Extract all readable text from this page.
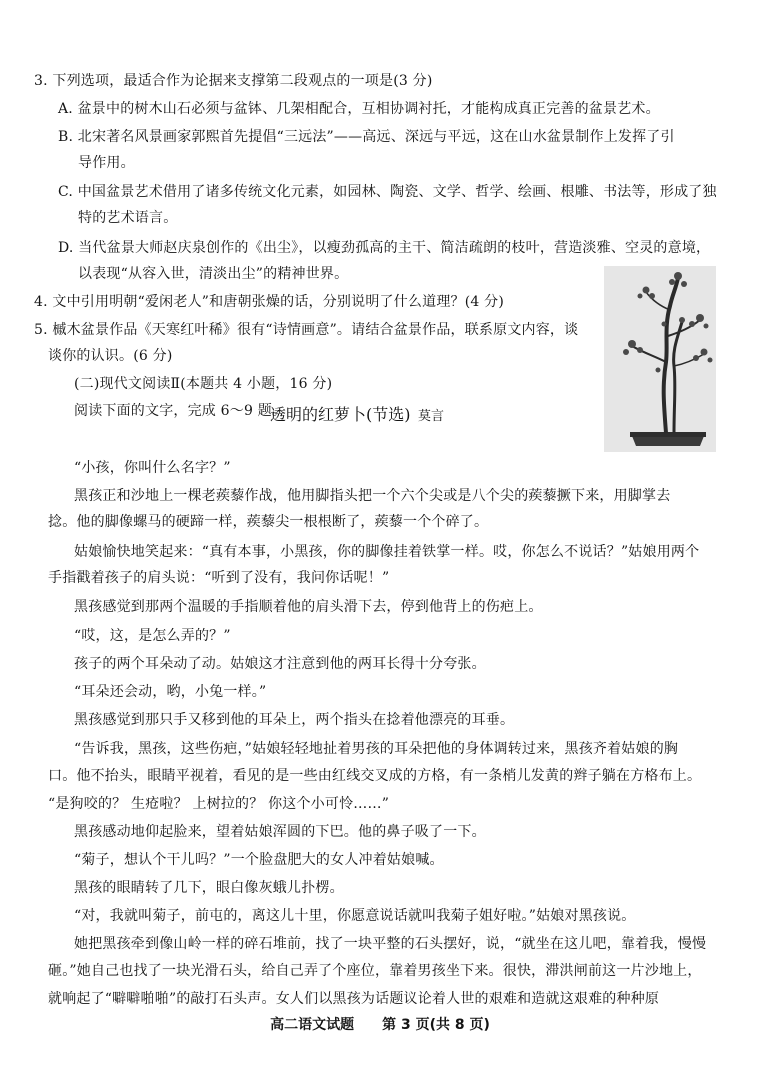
3. 下列选项，最适合作为论据来支撑第二段观点的一项是(3 分)
A. 盆景中的树木山石必须与盆钵、几架相配合，互相协调衬托，才能构成真正完善的盆景艺术。
B. 北宋著名风景画家郭熙首先提倡“三远法”——高远、深远与平远，这在山水盆景制作上发挥了引
导作用。
C. 中国盆景艺术借用了诸多传统文化元素，如园林、陶瓷、文学、哲学、绘画、根雕、书法等，形成了独
特的艺术语言。
D. 当代盆景大师赵庆泉创作的《出尘》，以瘦劲孤高的主干、简洁疏朗的枝叶，营造淡雅、空灵的意境，
以表现“从容入世，清淡出尘”的精神世界。
4. 文中引用明朝“爱闲老人”和唐朝张燥的话，分别说明了什么道理？(4 分)
5. 槭木盆景作品《天寒红叶稀》很有“诗情画意”。请结合盆景作品，联系原文内容，谈
谈你的认识。(6 分)
(二)现代文阅读Ⅱ(本题共 4 小题，16 分)
阅读下面的文字，完成 6～9 题。
透明的红萝卜(节选) 莫言
“小孩，你叫什么名字？”
黑孩正和沙地上一棵老蒺藜作战，他用脚指头把一个六个尖或是八个尖的蒺藜撅下来，用脚掌去
捻。他的脚像螺马的硬蹄一样，蒺藜尖一根根断了，蒺藜一个个碎了。
姑娘愉快地笑起来：“真有本事，小黑孩，你的脚像挂着铁掌一样。哎，你怎么不说话？”姑娘用两个
手指戳着孩子的肩头说：“听到了没有，我问你话呢！”
黑孩感觉到那两个温暖的手指顺着他的肩头滑下去，停到他背上的伤疤上。
“哎，这，是怎么弄的？”
孩子的两个耳朵动了动。姑娘这才注意到他的两耳长得十分夸张。
“耳朵还会动，哟，小兔一样。”
黑孩感觉到那只手又移到他的耳朵上，两个指头在捻着他漂亮的耳垂。
“告诉我，黑孩，这些伤疤，”姑娘轻轻地扯着男孩的耳朵把他的身体调转过来，黑孩齐着姑娘的胸
口。他不抬头，眼睛平视着，看见的是一些由红线交叉成的方格，有一条梢儿发黄的辫子躺在方格布上。
“是狗咬的？ 生疮啦？ 上树拉的？ 你这个小可怜……”
黑孩感动地仰起脸来，望着姑娘浑圆的下巴。他的鼻子吸了一下。
“菊子，想认个干儿吗？”一个脸盘肥大的女人冲着姑娘喊。
黑孩的眼睛转了几下，眼白像灰蛾儿扑楞。
“对，我就叫菊子，前屯的，离这儿十里，你愿意说话就叫我菊子姐好啦。”姑娘对黑孩说。
她把黑孩牵到像山岭一样的碎石堆前，找了一块平整的石头摆好，说，“就坐在这儿吧，靠着我，慢慢
砸。”她自己也找了一块光滑石头，给自己弄了个座位，靠着男孩坐下来。很快，滞洪闸前这一片沙地上，
就响起了“噼噼啪啪”的敲打石头声。女人们以黑孩为话题议论着人世的艰难和造就这艰难的种种原
高二语文试题　　第 3 页(共 8 页)
